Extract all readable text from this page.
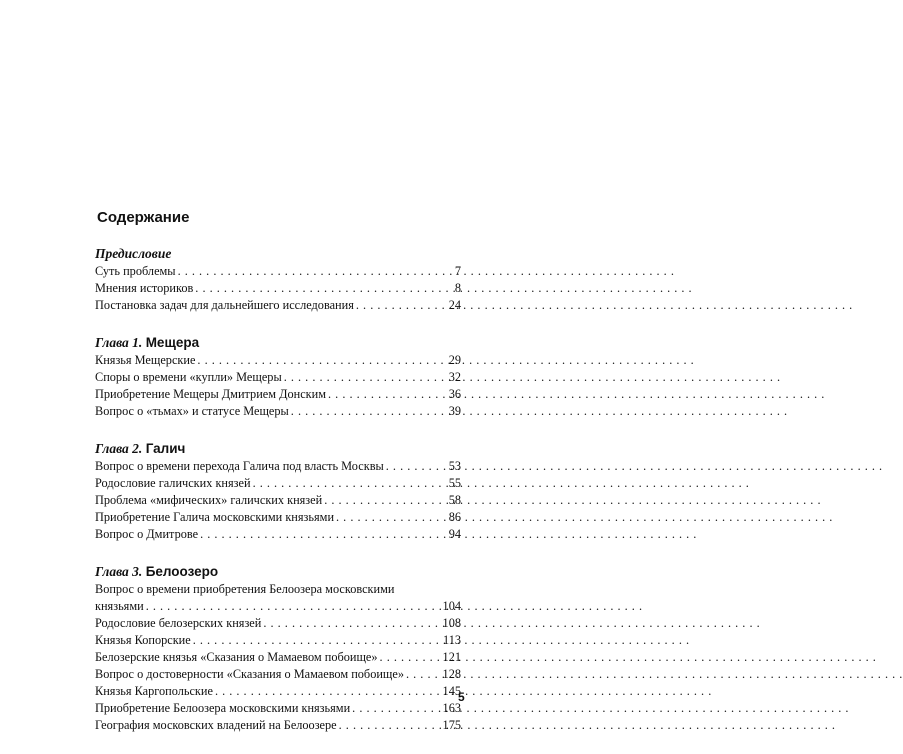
Содержание
Предисловие
Суть проблемы . . .	7
Мнения историков . . .	8
Постановка задач для дальнейшего исследования . . .	24
Глава 1. Мещера
Князья Мещерские . . .	29
Споры о времени «купли» Мещеры . . .	32
Приобретение Мещеры Дмитрием Донским . . .	36
Вопрос о «тьмах» и статусе Мещеры . . .	39
Глава 2. Галич
Вопрос о времени перехода Галича под власть Москвы . . .	53
Родословие галичских князей . . .	55
Проблема «мифических» галичских князей . . .	58
Приобретение Галича московскими князьями . . .	86
Вопрос о Дмитрове . . .	94
Глава 3. Белоозеро
Вопрос о времени приобретения Белоозера московскими
князьями . . .	104
Родословие белозерских князей . . .	108
Князья Копорские . . .	113
Белозерские князья «Сказания о Мамаевом побоище» . . .	121
Вопрос о достоверности «Сказания о Мамаевом побоище» . . .	128
Князья Каргопольские . . .	145
Приобретение Белоозера московскими князьями . . .	163
География московских владений на Белоозере . . .	175
5
